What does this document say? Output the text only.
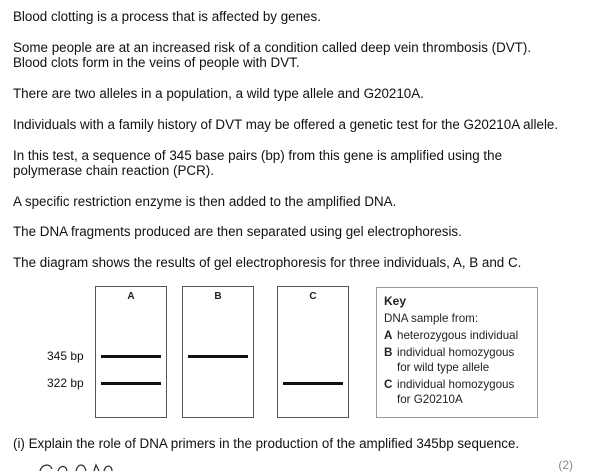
Blood clotting is a process that is affected by genes.

Some people are at an increased risk of a condition called deep vein thrombosis (DVT).

Blood clots form in the veins of people with DVT.

There are two alleles in a population, a wild type allele and G20210A.

Individuals with a family history of DVT may be offered a genetic test for the G20210A allele.

In this test, a sequence of 345 base pairs (bp) from this gene is amplified using the

polymerase chain reaction (PCR).

A specific restriction enzyme is then added to the amplified DNA.

The DNA fragments produced are then separated using gel electrophoresis.

The diagram shows the results of gel electrophoresis for three individuals, A, B and C.

345 bp
322 bp
A	B	C	Key
DNA sample from:
A heterozygous individual
B individual homozygous for wild type allele
C individual homozygous for G20210A

(i) Explain the role of DNA primers in the production of the amplified 345bp sequence.

(2)
